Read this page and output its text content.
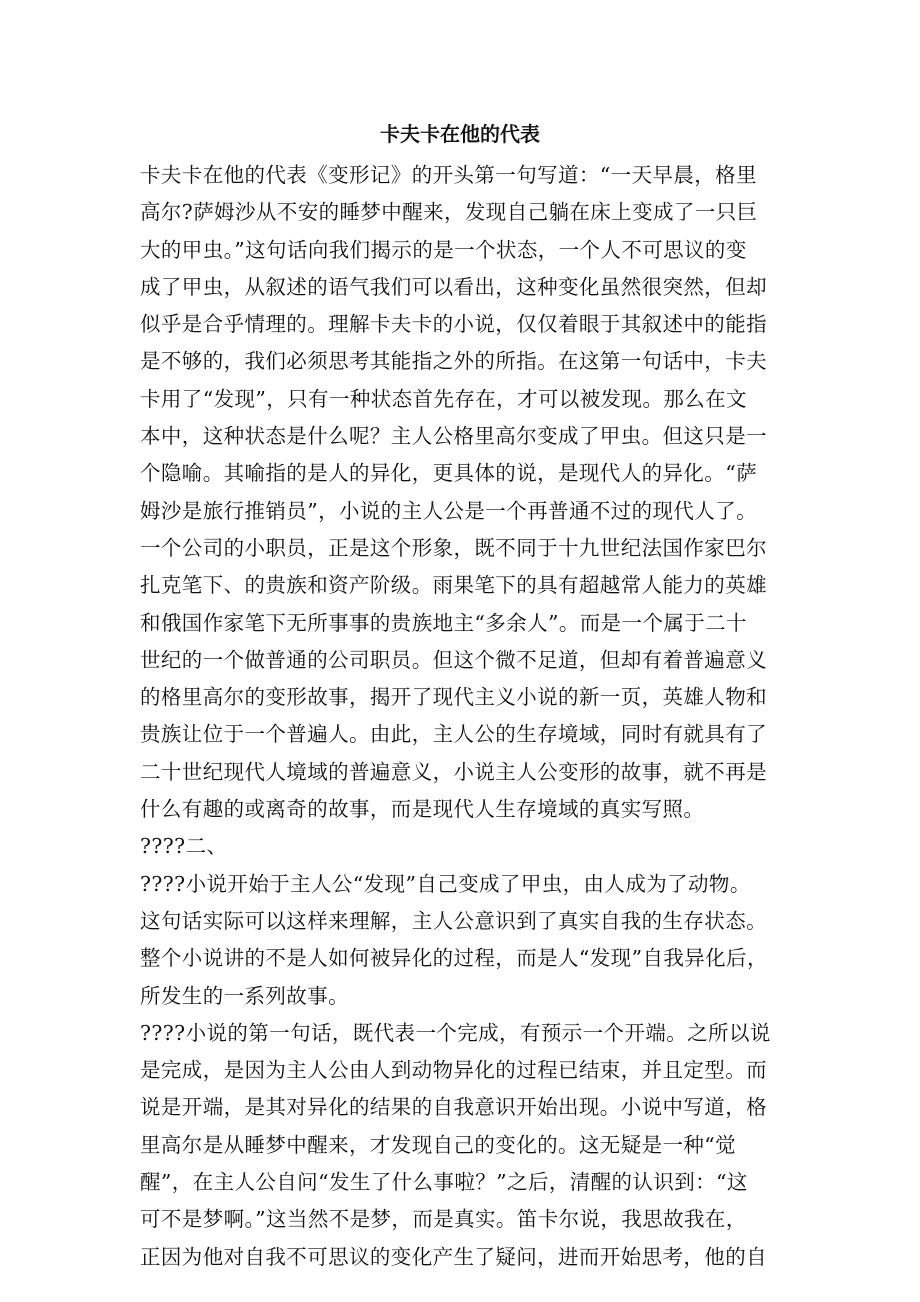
卡夫卡在他的代表
卡夫卡在他的代表《变形记》的开头第一句写道：“一天早晨，格里
高尔?萨姆沙从不安的睡梦中醒来，发现自己躺在床上变成了一只巨
大的甲虫。”这句话向我们揭示的是一个状态，一个人不可思议的变
成了甲虫，从叙述的语气我们可以看出，这种变化虽然很突然，但却
似乎是合乎情理的。理解卡夫卡的小说，仅仅着眼于其叙述中的能指
是不够的，我们必须思考其能指之外的所指。在这第一句话中，卡夫
卡用了“发现”，只有一种状态首先存在，才可以被发现。那么在文
本中，这种状态是什么呢？主人公格里高尔变成了甲虫。但这只是一
个隐喻。其喻指的是人的异化，更具体的说，是现代人的异化。“萨
姆沙是旅行推销员”，小说的主人公是一个再普通不过的现代人了。
一个公司的小职员，正是这个形象，既不同于十九世纪法国作家巴尔
扎克笔下、的贵族和资产阶级。雨果笔下的具有超越常人能力的英雄
和俄国作家笔下无所事事的贵族地主“多余人”。而是一个属于二十
世纪的一个做普通的公司职员。但这个微不足道，但却有着普遍意义
的格里高尔的变形故事，揭开了现代主义小说的新一页，英雄人物和
贵族让位于一个普遍人。由此，主人公的生存境域，同时有就具有了
二十世纪现代人境域的普遍意义，小说主人公变形的故事，就不再是
什么有趣的或离奇的故事，而是现代人生存境域的真实写照。
????二、
????小说开始于主人公“发现”自己变成了甲虫，由人成为了动物。
这句话实际可以这样来理解，主人公意识到了真实自我的生存状态。
整个小说讲的不是人如何被异化的过程，而是人“发现”自我异化后，
所发生的一系列故事。
????小说的第一句话，既代表一个完成，有预示一个开端。之所以说
是完成，是因为主人公由人到动物异化的过程已结束，并且定型。而
说是开端，是其对异化的结果的自我意识开始出现。小说中写道，格
里高尔是从睡梦中醒来，才发现自己的变化的。这无疑是一种“觉
醒”，在主人公自问“发生了什么事啦？”之后，清醒的认识到：“这
可不是梦啊。”这当然不是梦，而是真实。笛卡尔说，我思故我在，
正因为他对自我不可思议的变化产生了疑问，进而开始思考，他的自
